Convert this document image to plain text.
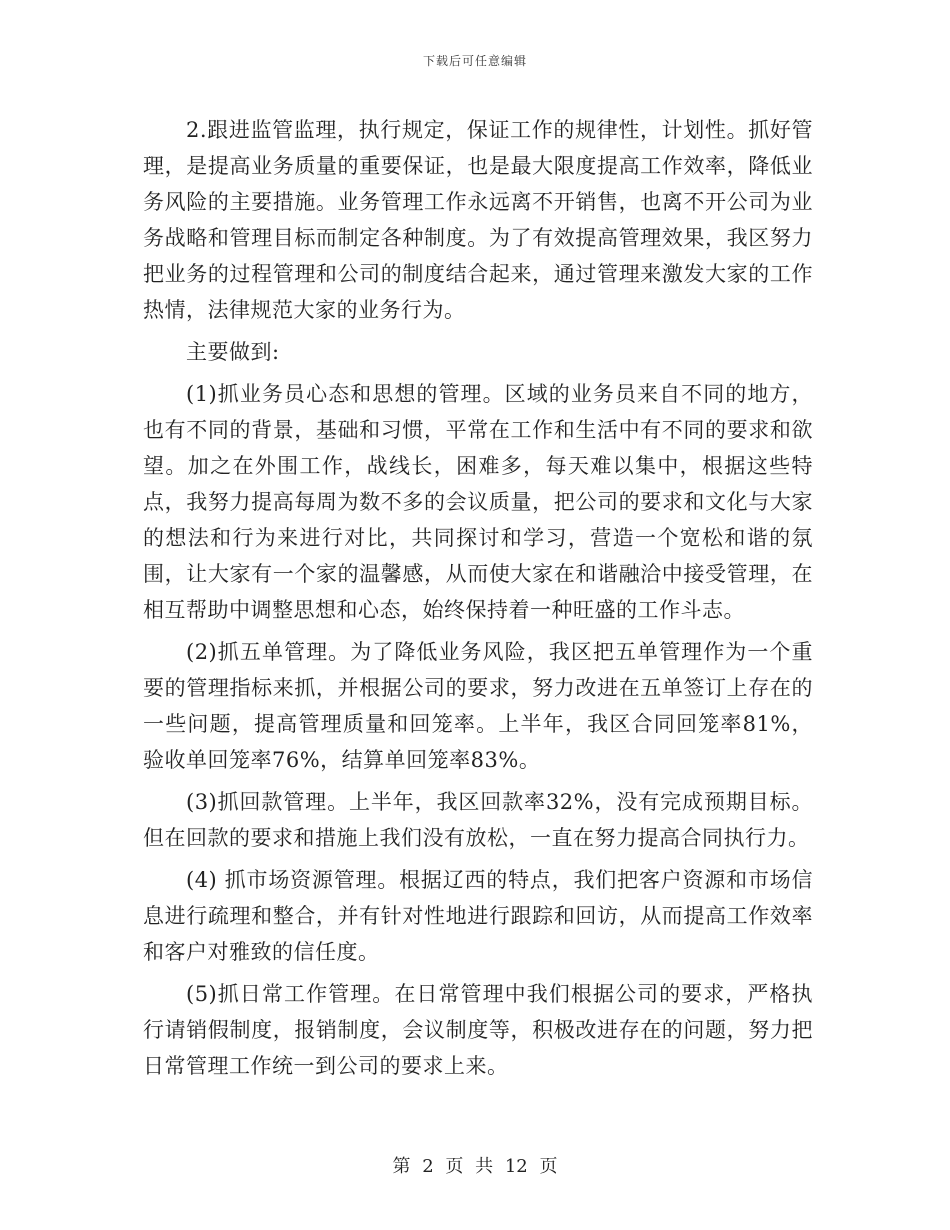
下载后可任意编辑

2.跟进监管监理，执行规定，保证工作的规律性，计划性。抓好管理，是提高业务质量的重要保证，也是最大限度提高工作效率，降低业务风险的主要措施。业务管理工作永远离不开销售，也离不开公司为业务战略和管理目标而制定各种制度。为了有效提高管理效果，我区努力把业务的过程管理和公司的制度结合起来，通过管理来激发大家的工作热情，法律规范大家的业务行为。

主要做到:

(1)抓业务员心态和思想的管理。区域的业务员来自不同的地方，也有不同的背景，基础和习惯，平常在工作和生活中有不同的要求和欲望。加之在外围工作，战线长，困难多，每天难以集中，根据这些特点，我努力提高每周为数不多的会议质量，把公司的要求和文化与大家的想法和行为来进行对比，共同探讨和学习，营造一个宽松和谐的氛围，让大家有一个家的温馨感，从而使大家在和谐融洽中接受管理，在相互帮助中调整思想和心态，始终保持着一种旺盛的工作斗志。

(2)抓五单管理。为了降低业务风险，我区把五单管理作为一个重要的管理指标来抓，并根据公司的要求，努力改进在五单签订上存在的一些问题，提高管理质量和回笼率。上半年，我区合同回笼率81%，验收单回笼率76%，结算单回笼率83%。

(3)抓回款管理。上半年，我区回款率32%，没有完成预期目标。但在回款的要求和措施上我们没有放松，一直在努力提高合同执行力。

(4) 抓市场资源管理。根据辽西的特点，我们把客户资源和市场信息进行疏理和整合，并有针对性地进行跟踪和回访，从而提高工作效率和客户对雅致的信任度。

(5)抓日常工作管理。在日常管理中我们根据公司的要求，严格执行请销假制度，报销制度，会议制度等，积极改进存在的问题，努力把日常管理工作统一到公司的要求上来。

第 2 页 共 12 页
